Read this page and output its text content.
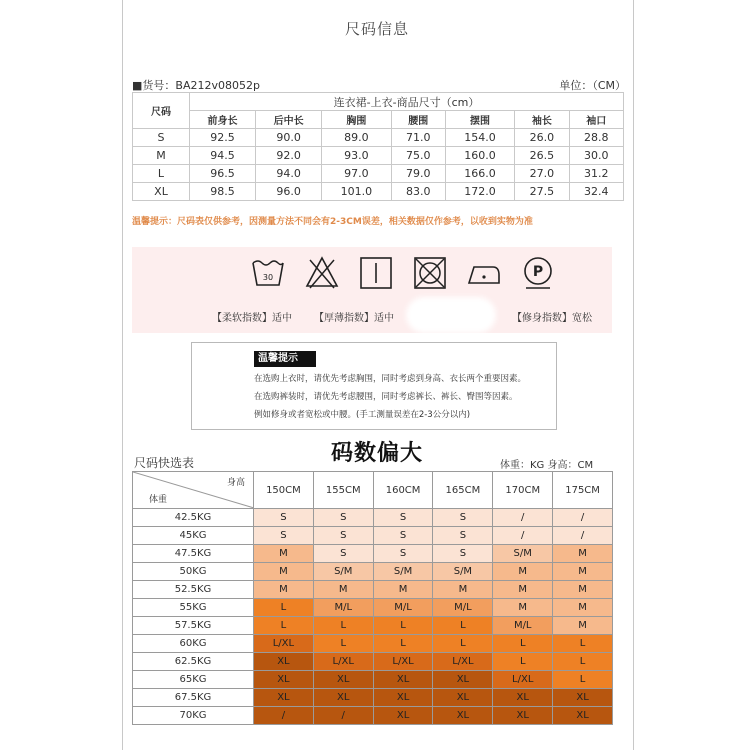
尺码信息
■货号：BA212v08052p	单位：（CM）
尺码	连衣裙-上衣-商品尺寸（cm）						
	前身长	后中长	胸围	腰围	摆围	袖长	袖口
S	92.5	90.0	89.0	71.0	154.0	26.0	28.8
M	94.5	92.0	93.0	75.0	160.0	26.5	30.0
L	96.5	94.0	97.0	79.0	166.0	27.0	31.2
XL	98.5	96.0	101.0	83.0	172.0	27.5	32.4
温馨提示：尺码表仅供参考，因测量方法不同会有2-3CM误差，相关数据仅作参考，以收到实物为准
30	P
【柔软指数】适中 【厚薄指数】适中	【修身指数】宽松
温馨提示
在选购上衣时，请优先考虑胸围，同时考虑到身高、衣长两个重要因素。
在选购裤装时，请优先考虑腰围，同时考虑裤长、裤长、臀围等因素。
例如修身或者宽松或中腰。(手工测量误差在2-3公分以内)
码数偏大
尺码快选表	体重：KG 身高：CM
身高
体重	150CM	155CM	160CM	165CM	170CM	175CM
42.5KG	S	S	S	S	/	/
45KG	S	S	S	S	/	/
47.5KG	M	S	S	S	S/M	M
50KG	M	S/M	S/M	S/M	M	M
52.5KG	M	M	M	M	M	M
55KG	L	M/L	M/L	M/L	M	M
57.5KG	L	L	L	L	M/L	M
60KG	L/XL	L	L	L	L	L
62.5KG	XL	L/XL	L/XL	L/XL	L	L
65KG	XL	XL	XL	XL	L/XL	L
67.5KG	XL	XL	XL	XL	XL	XL
70KG	/	/	XL	XL	XL	XL
